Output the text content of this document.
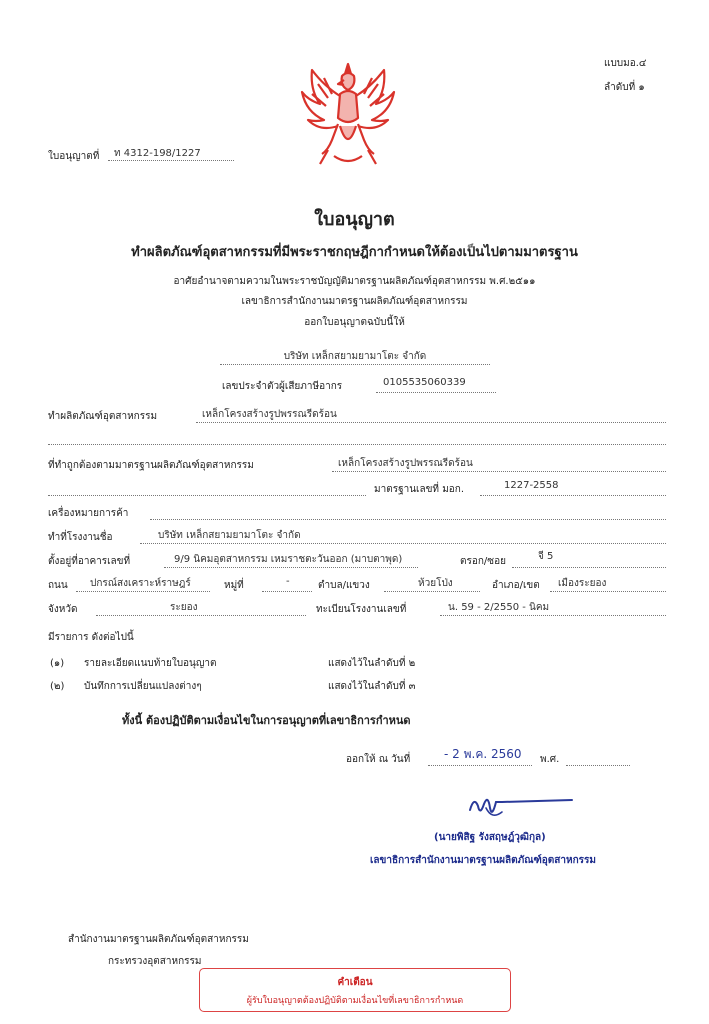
แบบมอ.๔
ลำดับที่ ๑
ใบอนุญาตที่ ท 4312-198/1227
ใบอนุญาต
ทำผลิตภัณฑ์อุตสาหกรรมที่มีพระราชกฤษฎีกากำหนดให้ต้องเป็นไปตามมาตรฐาน
อาศัยอำนาจตามความในพระราชบัญญัติมาตรฐานผลิตภัณฑ์อุตสาหกรรม พ.ศ.๒๕๑๑
เลขาธิการสำนักงานมาตรฐานผลิตภัณฑ์อุตสาหกรรม
ออกใบอนุญาตฉบับนี้ให้
บริษัท เหล็กสยามยามาโตะ จำกัด
เลขประจำตัวผู้เสียภาษีอากร	0105535060339
ทำผลิตภัณฑ์อุตสาหกรรม	เหล็กโครงสร้างรูปพรรณรีดร้อน
ที่ทำถูกต้องตามมาตรฐานผลิตภัณฑ์อุตสาหกรรม	เหล็กโครงสร้างรูปพรรณรีดร้อน
มาตรฐานเลขที่ มอก.	1227-2558
เครื่องหมายการค้า
ทำที่โรงงานชื่อ	บริษัท เหล็กสยามยามาโตะ จำกัด
ตั้งอยู่ที่อาคารเลขที่	9/9 นิคมอุตสาหกรรม เหมราชตะวันออก (มาบตาพุด)	ตรอก/ซอย	จี 5
ถนน ปกรณ์สงเคราะห์ราษฎร์	หมู่ที่	-	ตำบล/แขวง	ห้วยโป่ง	อำเภอ/เขต เมืองระยอง
จังหวัด	ระยอง	ทะเบียนโรงงานเลขที่	น. 59 - 2/2550 - นิคม
มีรายการ ดังต่อไปนี้
(๑) รายละเอียดแนบท้ายใบอนุญาต	แสดงไว้ในลำดับที่ ๒
(๒) บันทึกการเปลี่ยนแปลงต่างๆ	แสดงไว้ในลำดับที่ ๓
ทั้งนี้ ต้องปฏิบัติตามเงื่อนไขในการอนุญาตที่เลขาธิการกำหนด
ออกให้ ณ วันที่	- 2 พ.ค. 2560 พ.ศ.
(นายพิสิฐ รังสฤษฎ์วุฒิกุล)
เลขาธิการสำนักงานมาตรฐานผลิตภัณฑ์อุตสาหกรรม
สำนักงานมาตรฐานผลิตภัณฑ์อุตสาหกรรม
กระทรวงอุตสาหกรรม
คำเตือน
ผู้รับใบอนุญาตต้องปฏิบัติตามเงื่อนไขที่เลขาธิการกำหนด
